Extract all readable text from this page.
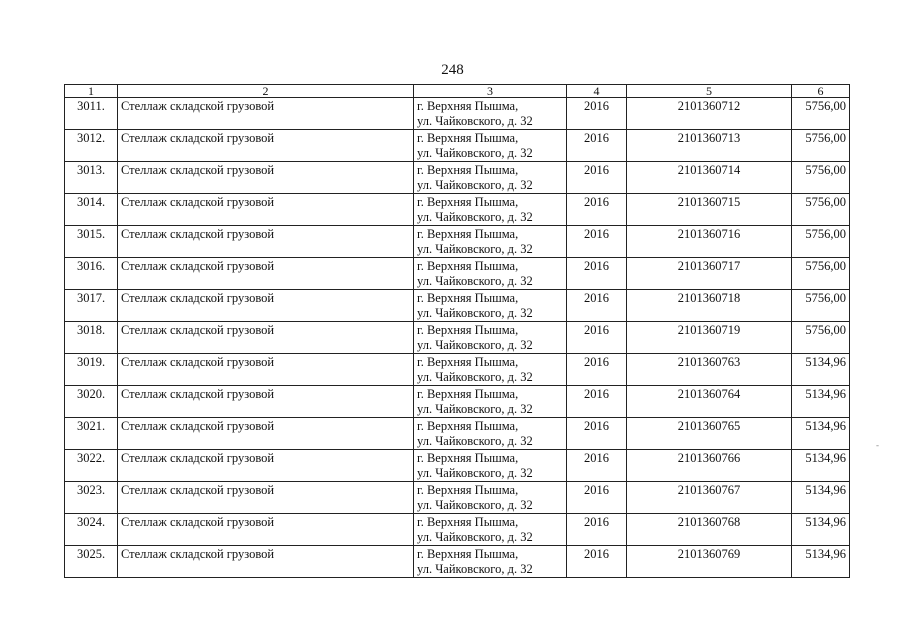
248
1	2	3	4	5	6
3011.	Стеллаж складской грузовой	г. Верхняя Пышма,
ул. Чайковского, д. 32	2016	2101360712	5756,00
3012.	Стеллаж складской грузовой	г. Верхняя Пышма,
ул. Чайковского, д. 32	2016	2101360713	5756,00
3013.	Стеллаж складской грузовой	г. Верхняя Пышма,
ул. Чайковского, д. 32	2016	2101360714	5756,00
3014.	Стеллаж складской грузовой	г. Верхняя Пышма,
ул. Чайковского, д. 32	2016	2101360715	5756,00
3015.	Стеллаж складской грузовой	г. Верхняя Пышма,
ул. Чайковского, д. 32	2016	2101360716	5756,00
3016.	Стеллаж складской грузовой	г. Верхняя Пышма,
ул. Чайковского, д. 32	2016	2101360717	5756,00
3017.	Стеллаж складской грузовой	г. Верхняя Пышма,
ул. Чайковского, д. 32	2016	2101360718	5756,00
3018.	Стеллаж складской грузовой	г. Верхняя Пышма,
ул. Чайковского, д. 32	2016	2101360719	5756,00
3019.	Стеллаж складской грузовой	г. Верхняя Пышма,
ул. Чайковского, д. 32	2016	2101360763	5134,96
3020.	Стеллаж складской грузовой	г. Верхняя Пышма,
ул. Чайковского, д. 32	2016	2101360764	5134,96
3021.	Стеллаж складской грузовой	г. Верхняя Пышма,
ул. Чайковского, д. 32	2016	2101360765	5134,96
3022.	Стеллаж складской грузовой	г. Верхняя Пышма,
ул. Чайковского, д. 32	2016	2101360766	5134,96
3023.	Стеллаж складской грузовой	г. Верхняя Пышма,
ул. Чайковского, д. 32	2016	2101360767	5134,96
3024.	Стеллаж складской грузовой	г. Верхняя Пышма,
ул. Чайковского, д. 32	2016	2101360768	5134,96
3025.	Стеллаж складской грузовой	г. Верхняя Пышма,
ул. Чайковского, д. 32	2016	2101360769	5134,96
-
